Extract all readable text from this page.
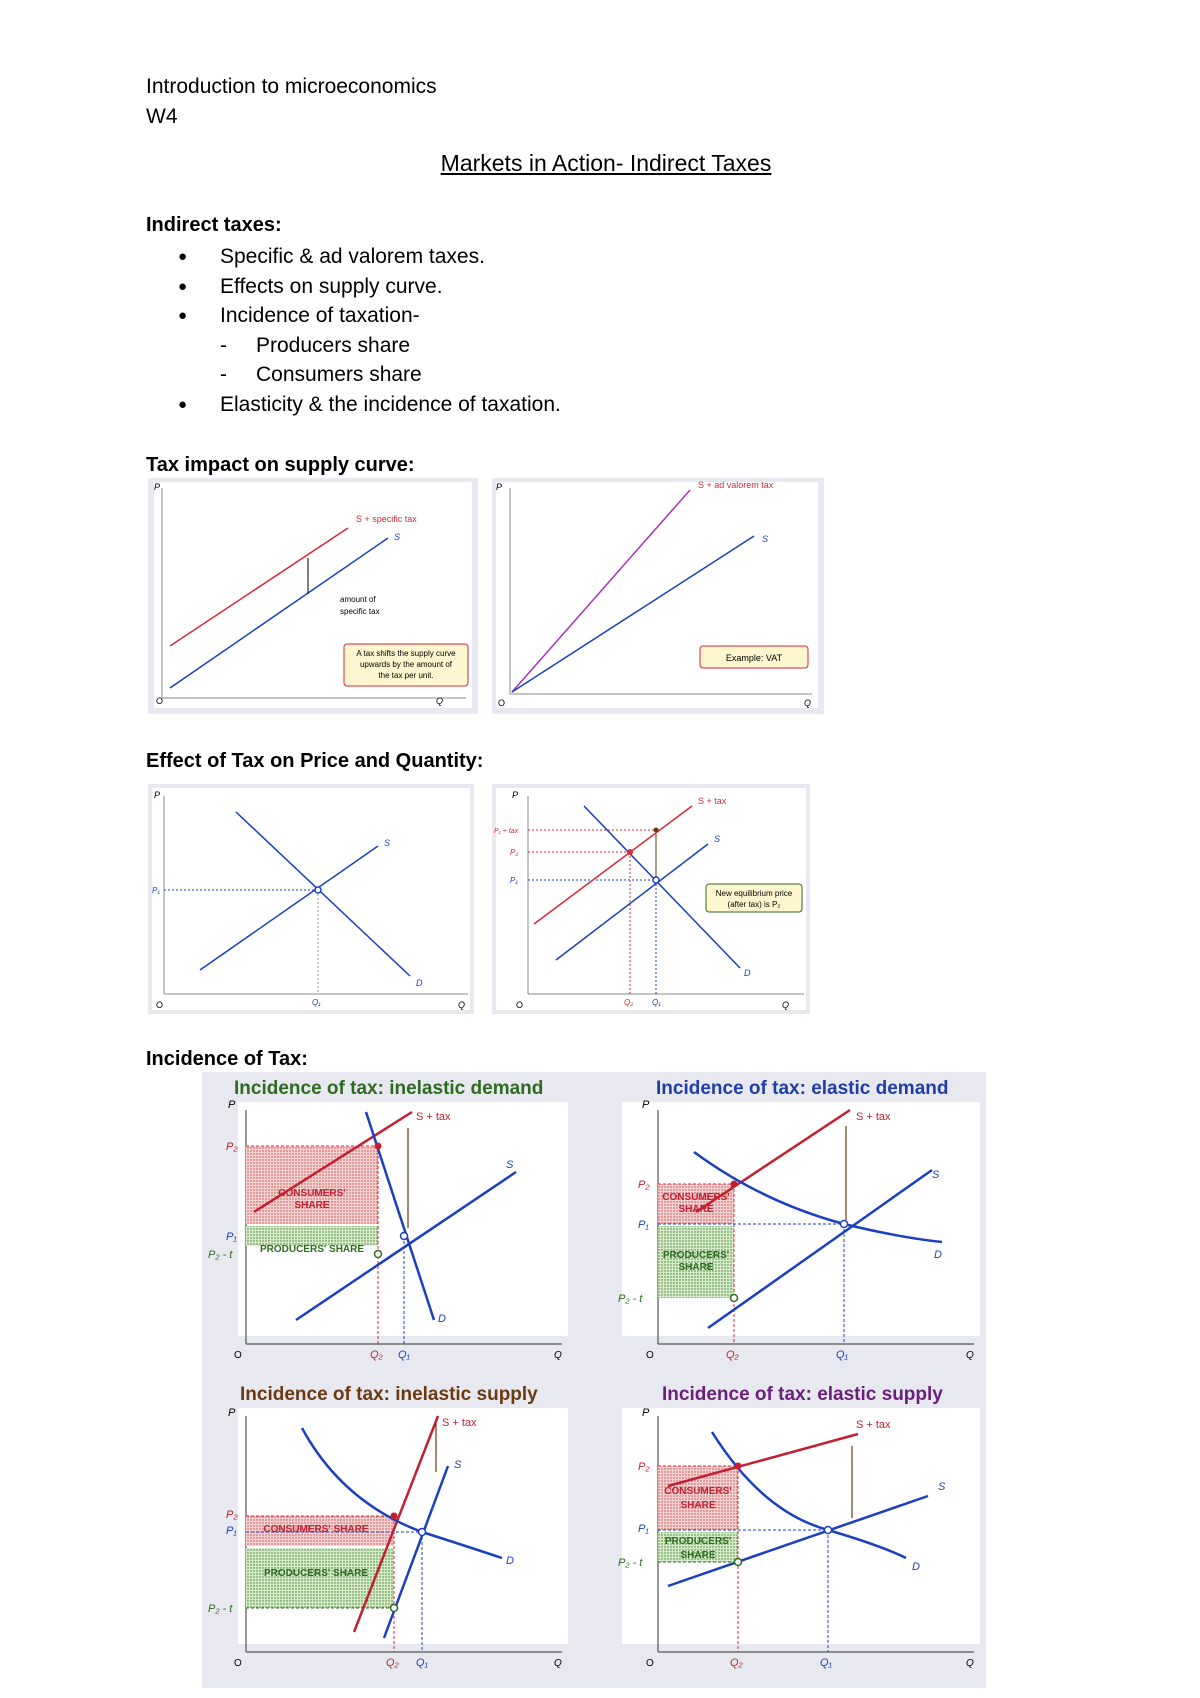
Introduction to microeconomics
W4
Markets in Action- Indirect Taxes
Indirect taxes:
● Specific & ad valorem taxes.
● Effects on supply curve.
● Incidence of taxation-
- Producers share
- Consumers share
● Elasticity & the incidence of taxation.
Tax impact on supply curve:
P
O	Q
S + specific tax
S
amount of
specific tax
A tax shifts the supply curve
upwards by the amount of
the tax per unit.
P
O	Q
S + ad valorem tax
S
Example: VAT
Effect of Tax on Price and Quantity:
P
O	Q
S
D
P₁
Q₁
P
O	Q
S + tax
S
D
P₁ + tax
P₂
P₁
Q₂ Q₁
New equilibrium price
(after tax) is P₂
Incidence of Tax:
Incidence of tax: inelastic demand
P
O	Q
S + tax
S
D
P₂
P₁
P₂ - t
Q₂ Q₁
CONSUMERS'
SHARE
PRODUCERS' SHARE
Incidence of tax: elastic demand
P
O	Q
S + tax
S
D
P₂
P₁
P₂ - t
Q₂	Q₁
CONSUMERS'
SHARE
PRODUCERS'
SHARE
Incidence of tax: inelastic supply
P
O	Q
S + tax
S
D
P₂
P₁
P₂ - t
Q₂ Q₁
CONSUMERS' SHARE
PRODUCERS' SHARE
Incidence of tax: elastic supply
P
O	Q
S + tax
S
D
P₂
P₁
P₂ - t
Q₂	Q₁
CONSUMERS'
SHARE
PRODUCERS'
SHARE
